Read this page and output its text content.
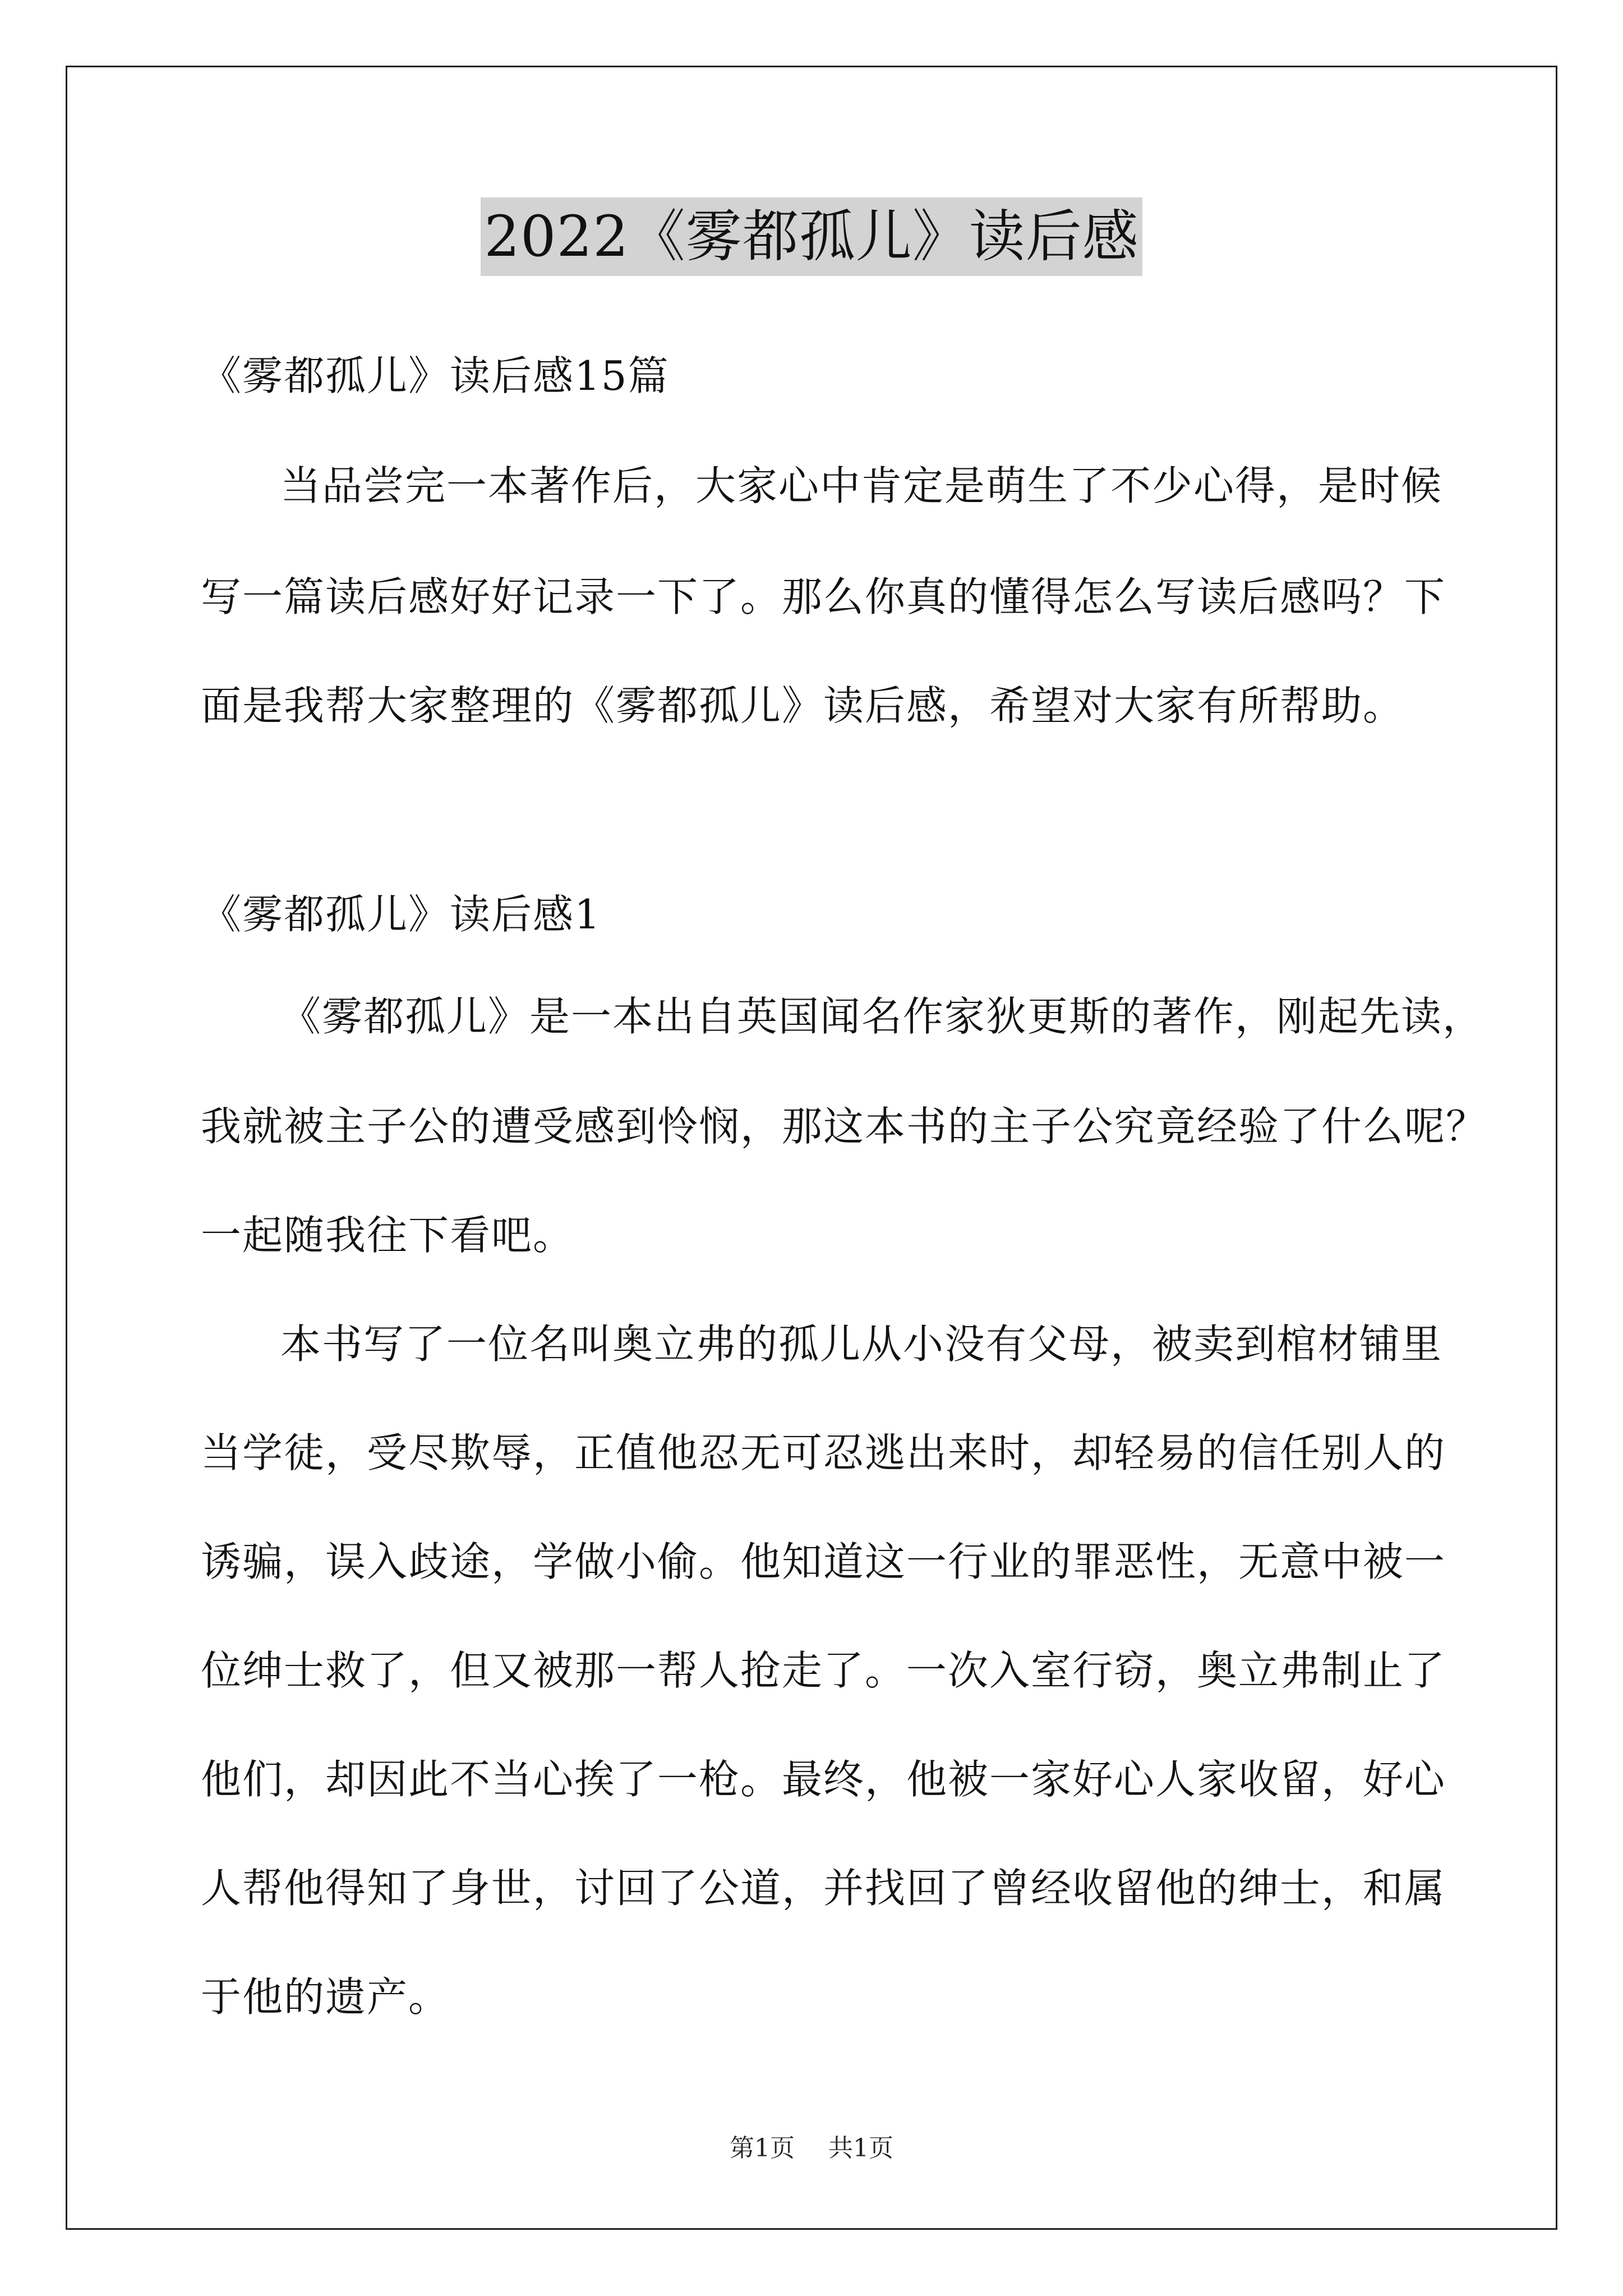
2022《雾都孤儿》读后感

《雾都孤儿》读后感15篇

当品尝完一本著作后，大家心中肯定是萌生了不少心得，是时候

写一篇读后感好好记录一下了。那么你真的懂得怎么写读后感吗？下

面是我帮大家整理的《雾都孤儿》读后感，希望对大家有所帮助。

《雾都孤儿》读后感1

《雾都孤儿》是一本出自英国闻名作家狄更斯的著作，刚起先读，

我就被主子公的遭受感到怜悯，那这本书的主子公究竟经验了什么呢？

一起随我往下看吧。

本书写了一位名叫奥立弗的孤儿从小没有父母，被卖到棺材铺里

当学徒，受尽欺辱，正值他忍无可忍逃出来时，却轻易的信任别人的

诱骗，误入歧途，学做小偷。他知道这一行业的罪恶性，无意中被一

位绅士救了，但又被那一帮人抢走了。一次入室行窃，奥立弗制止了

他们，却因此不当心挨了一枪。最终，他被一家好心人家收留，好心

人帮他得知了身世，讨回了公道，并找回了曾经收留他的绅士，和属

于他的遗产。

第1页 共1页
